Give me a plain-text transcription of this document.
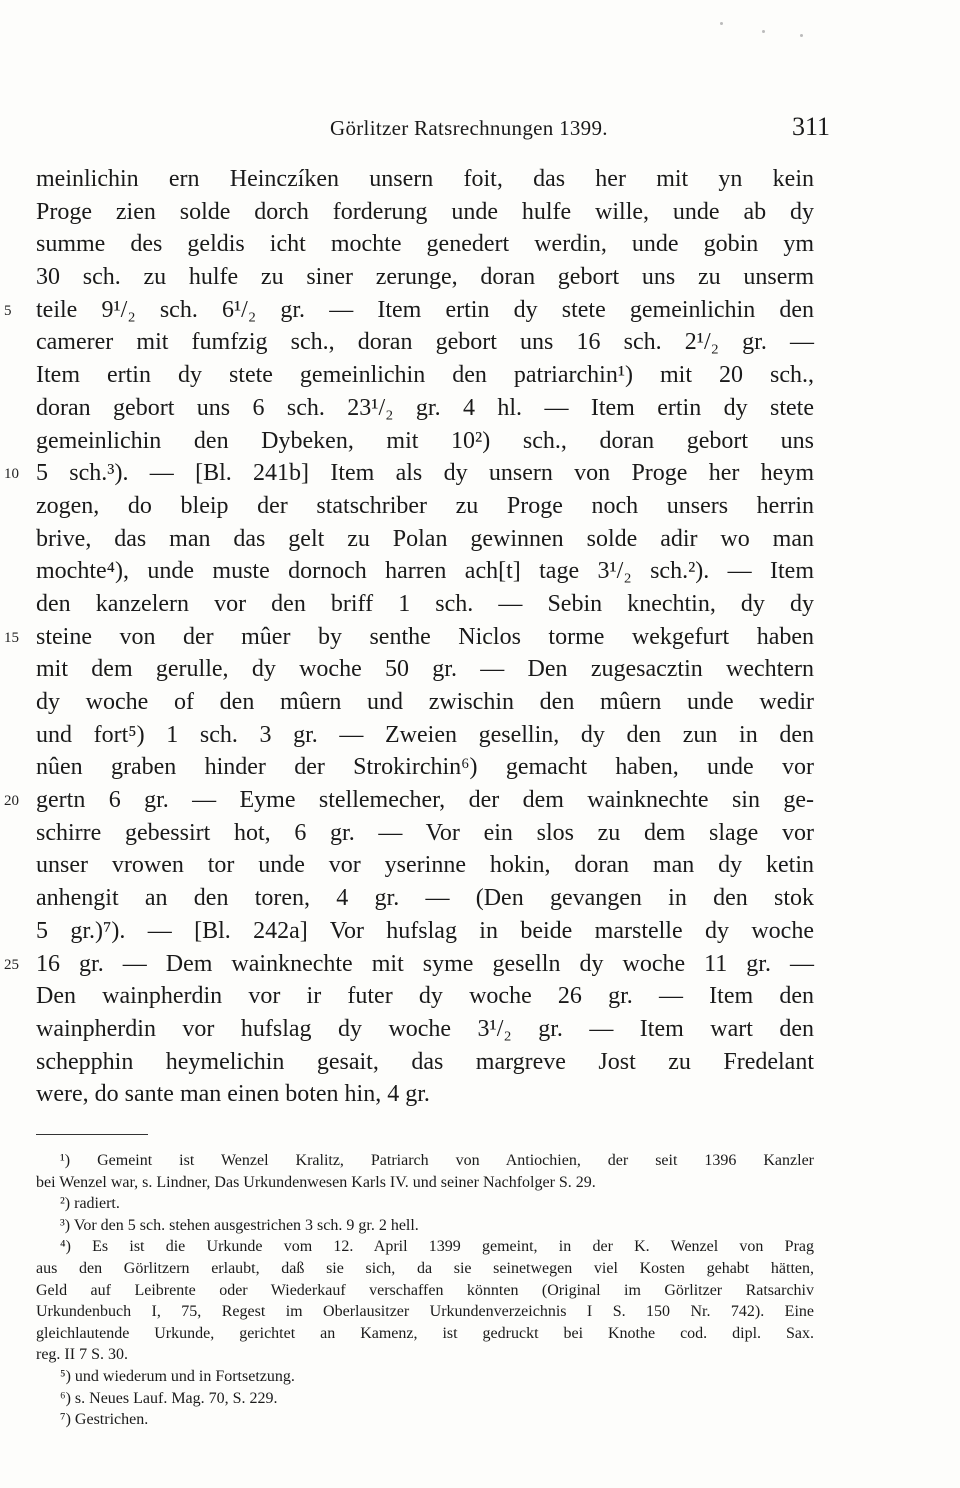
Görlitzer Ratsrechnungen 1399.	311
meinlichin ern Heinczíken unsern foit, das her mit yn kein
Proge zien solde dorch forderung unde hulfe wille, unde ab dy
summe des geldis icht mochte genedert werdin, unde gobin ym
30 sch. zu hulfe zu siner zerunge, doran gebort uns zu unserm
5	teile 9¹/₂ sch. 6¹/₂ gr. — Item ertin dy stete gemeinlichin den
camerer mit fumfzig sch., doran gebort uns 16 sch. 2¹/₂ gr. —
Item ertin dy stete gemeinlichin den patriarchin¹) mit 20 sch.,
doran gebort uns 6 sch. 23¹/₂ gr. 4 hl. — Item ertin dy stete
gemeinlichin den Dybeken, mit 10²) sch., doran gebort uns
10 5 sch.³). — [Bl. 241b] Item als dy unsern von Proge her heym
zogen, do bleip der statschriber zu Proge noch unsers herrin
brive, das man das gelt zu Polan gewinnen solde adir wo man
mochte⁴), unde muste dornoch harren ach[t] tage 3¹/₂ sch.²). — Item
den kanzelern vor den briff 1 sch. — Sebin knechtin, dy dy
15 steine von der mûer by senthe Niclos torme wekgefurt haben
mit dem gerulle, dy woche 50 gr. — Den zugesacztin wechtern
dy woche of den mûern und zwischin den mûern unde wedir
und fort⁵) 1 sch. 3 gr. — Zweien gesellin, dy den zun in den
nûen graben hinder der Strokirchin⁶) gemacht haben, unde vor
20 gertn 6 gr. — Eyme stellemecher, der dem wainknechte sin ge-
schirre gebessirt hot, 6 gr. — Vor ein slos zu dem slage vor
unser vrowen tor unde vor yserinne hokin, doran man dy ketin
anhengit an den toren, 4 gr. — (Den gevangen in den stok
5 gr.)⁷). — [Bl. 242a] Vor hufslag in beide marstelle dy woche
25 16 gr. — Dem wainknechte mit syme geselln dy woche 11 gr. —
Den wainpherdin vor ir futer dy woche 26 gr. — Item den
wainpherdin vor hufslag dy woche 3¹/₂ gr. — Item wart den
schepphin heymelichin gesait, das margreve Jost zu Fredelant
were, do sante man einen boten hin, 4 gr.
¹) Gemeint ist Wenzel Kralitz, Patriarch von Antiochien, der seit 1396 Kanzler
bei Wenzel war, s. Lindner, Das Urkundenwesen Karls IV. und seiner Nachfolger S. 29.
²) radiert.
³) Vor den 5 sch. stehen ausgestrichen 3 sch. 9 gr. 2 hell.
⁴) Es ist die Urkunde vom 12. April 1399 gemeint, in der K. Wenzel von Prag
aus den Görlitzern erlaubt, daß sie sich, da sie seinetwegen viel Kosten gehabt hätten,
Geld auf Leibrente oder Wiederkauf verschaffen könnten (Original im Görlitzer Ratsarchiv
Urkundenbuch I, 75, Regest im Oberlausitzer Urkundenverzeichnis I S. 150 Nr. 742). Eine
gleichlautende Urkunde, gerichtet an Kamenz, ist gedruckt bei Knothe cod. dipl. Sax.
reg. II 7 S. 30.
⁵) und wiederum und in Fortsetzung.
⁶) s. Neues Lauf. Mag. 70, S. 229.
⁷) Gestrichen.
